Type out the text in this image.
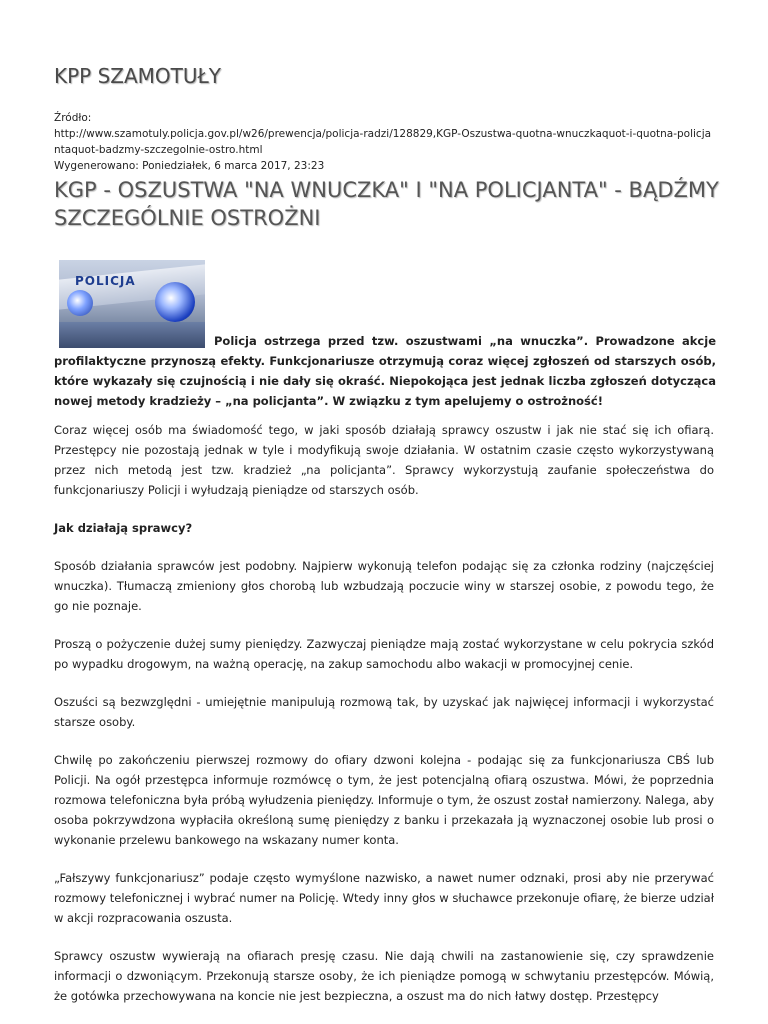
KPP SZAMOTUŁY
Źródło:
http://www.szamotuly.policja.gov.pl/w26/prewencja/policja-radzi/128829,KGP-Oszustwa-quotna-wnuczkaquot-i-quotna-policja
ntaquot-badzmy-szczegolnie-ostro.html
Wygenerowano: Poniedziałek, 6 marca 2017, 23:23
KGP - OSZUSTWA "NA WNUCZKA" I "NA POLICJANTA" - BĄDŹMY SZCZEGÓLNIE OSTROŻNI
POLICJA

Policja ostrzega przed tzw. oszustwami „na wnuczka”. Prowadzone akcje profilaktyczne przynoszą efekty. Funkcjonariusze otrzymują coraz więcej zgłoszeń od starszych osób, które wykazały się czujnością i nie dały się okraść. Niepokojąca jest jednak liczba zgłoszeń dotycząca nowej metody kradzieży – „na policjanta”. W związku z tym apelujemy o ostrożność!

Coraz więcej osób ma świadomość tego, w jaki sposób działają sprawcy oszustw i jak nie stać się ich ofiarą. Przestępcy nie pozostają jednak w tyle i modyfikują swoje działania. W ostatnim czasie często wykorzystywaną przez nich metodą jest tzw. kradzież „na policjanta”. Sprawcy wykorzystują zaufanie społeczeństwa do funkcjonariuszy Policji i wyłudzają pieniądze od starszych osób.

Jak działają sprawcy?

Sposób działania sprawców jest podobny. Najpierw wykonują telefon podając się za członka rodziny (najczęściej wnuczka). Tłumaczą zmieniony głos chorobą lub wzbudzają poczucie winy w starszej osobie, z powodu tego, że go nie poznaje.

Proszą o pożyczenie dużej sumy pieniędzy. Zazwyczaj pieniądze mają zostać wykorzystane w celu pokrycia szkód po wypadku drogowym, na ważną operację, na zakup samochodu albo wakacji w promocyjnej cenie.

Oszuści są bezwzględni - umiejętnie manipulują rozmową tak, by uzyskać jak najwięcej informacji i wykorzystać starsze osoby.

Chwilę po zakończeniu pierwszej rozmowy do ofiary dzwoni kolejna - podając się za funkcjonariusza CBŚ lub Policji. Na ogół przestępca informuje rozmówcę o tym, że jest potencjalną ofiarą oszustwa. Mówi, że poprzednia rozmowa telefoniczna była próbą wyłudzenia pieniędzy. Informuje o tym, że oszust został namierzony. Nalega, aby osoba pokrzywdzona wypłaciła określoną sumę pieniędzy z banku i przekazała ją wyznaczonej osobie lub prosi o wykonanie przelewu bankowego na wskazany numer konta.

„Fałszywy funkcjonariusz” podaje często wymyślone nazwisko, a nawet numer odznaki, prosi aby nie przerywać rozmowy telefonicznej i wybrać numer na Policję. Wtedy inny głos w słuchawce przekonuje ofiarę, że bierze udział w akcji rozpracowania oszusta.

Sprawcy oszustw wywierają na ofiarach presję czasu. Nie dają chwili na zastanowienie się, czy sprawdzenie informacji o dzwoniącym. Przekonują starsze osoby, że ich pieniądze pomogą w schwytaniu przestępców. Mówią, że gotówka przechowywana na koncie nie jest bezpieczna, a oszust ma do nich łatwy dostęp. Przestępcy
